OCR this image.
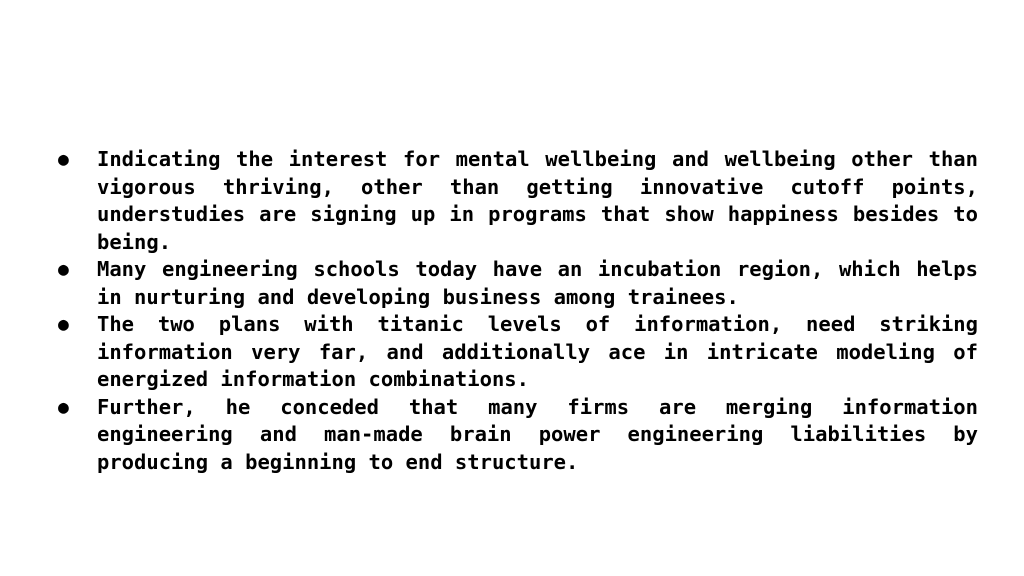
● Indicating the interest for mental wellbeing and wellbeing other than vigorous thriving, other than getting innovative cutoff points, understudies are signing up in programs that show happiness besides to being.
● Many engineering schools today have an incubation region, which helps in nurturing and developing business among trainees.
● The two plans with titanic levels of information, need striking information very far, and additionally ace in intricate modeling of energized information combinations.
● Further, he conceded that many firms are merging information engineering and man-made brain power engineering liabilities by producing a beginning to end structure.
